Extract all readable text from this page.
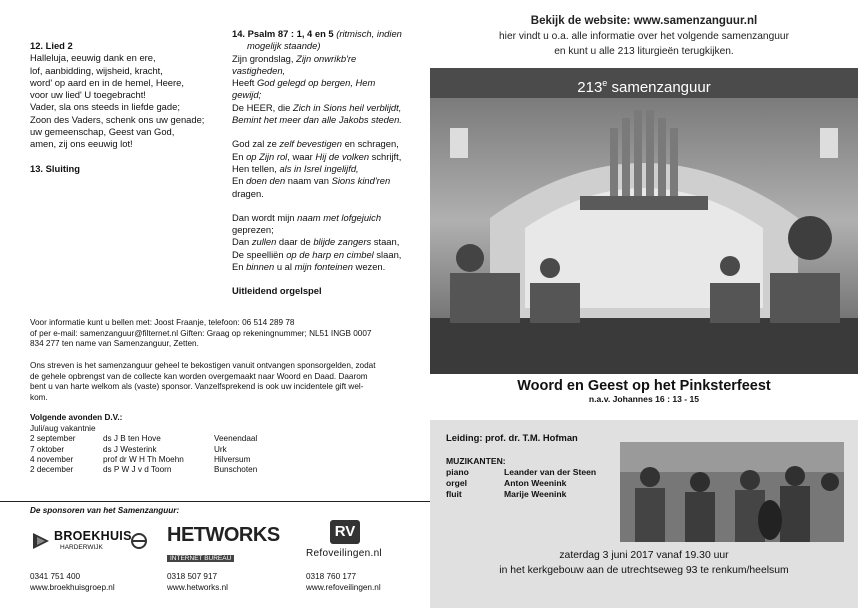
12. Lied 2
Halleluja, eeuwig dank en ere,
lof, aanbidding, wijsheid, kracht,
word' op aard en in de hemel, Heere,
voor uw lied' U toegebracht!
Vader, sla ons steeds in liefde gade;
Zoon des Vaders, schenk ons uw genade;
uw gemeenschap, Geest van God,
amen, zij ons eeuwig lot!
13. Sluiting
14. Psalm 87 : 1, 4 en 5 (ritmisch, indien
mogelijk staande)
Zijn grondslag, Zijn onwrikb're
vastigheden,
Heeft God gelegd op bergen, Hem
gewijd;
De HEER, die Zich in Sions heil verblijdt,
Bemint het meer dan alle Jakobs steden.
God zal ze zelf bevestigen en schragen,
En op Zijn rol, waar Hij de volken schrijft,
Hen tellen, als in Isrel ingelijfd,
En doen den naam van Sions kind'ren
dragen.
Dan wordt mijn naam met lofgejuich
geprezen;
Dan zullen daar de blijde zangers staan,
De speelliën op de harp en cimbel slaan,
En binnen u al mijn fonteinen wezen.
Uitleidend orgelspel
Voor informatie kunt u bellen met: Joost Fraanje, telefoon: 06 514 289 78
of per e-mail: samenzanguur@filternet.nl Giften: Graag op rekeningnummer; NL51 INGB 0007
834 277 ten name van Samenzanguur, Zetten.
Ons streven is het samenzanguur geheel te bekostigen vanuit ontvangen sponsorgelden, zodat
de gehele opbrengst van de collecte kan worden overgemaakt naar Woord en Daad. Daarom
bent u van harte welkom als (vaste) sponsor. Vanzelfsprekend is ook uw incidentele gift wel-
kom.
Volgende avonden D.V.:
Juli/aug vakantnie
2 september	ds J B ten Hove	Veenendaal
7 oktober	ds J Westerink	Urk
4 november	prof dr W H Th Moehn	Hilversum
2 december	ds P W J v d Toorn	Bunschoten
De sponsoren van het Samenzanguur:
BROEKHUIS
HARDERWIJK
HETWORKS
INTERNET BUREAU
RV
Refoveilingen.nl
0341 751 400
www.broekhuisgroep.nl
0318 507 917
www.hetworks.nl
0318 760 177
www.refoveilingen.nl
Bekijk de website: www.samenzanguur.nl
hier vindt u o.a. alle informatie over het volgende samenzanguur
en kunt u alle 213 liturgieën terugkijken.
213e samenzanguur
Woord en Geest op het Pinksterfeest
n.a.v. Johannes 16 : 13 - 15
Leiding: prof. dr. T.M. Hofman
MUZIKANTEN:
piano	Leander van der Steen
orgel	Anton Weenink
fluit	Marije Weenink
zaterdag 3 juni 2017 vanaf 19.30 uur
in het kerkgebouw aan de utrechtseweg 93 te renkum/heelsum
